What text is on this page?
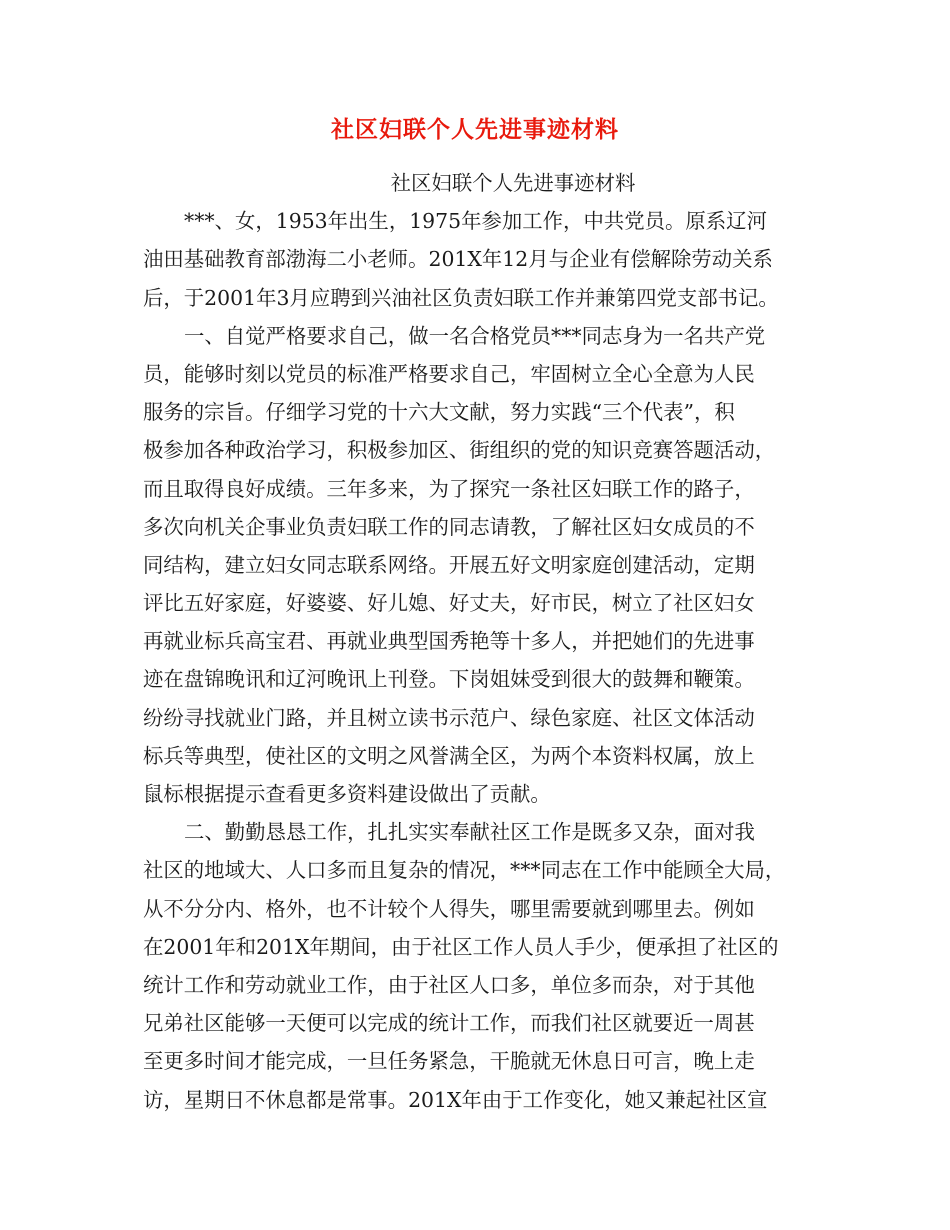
社区妇联个人先进事迹材料
社区妇联个人先进事迹材料
***、女，1953年出生，1975年参加工作，中共党员。原系辽河
油田基础教育部渤海二小老师。201X年12月与企业有偿解除劳动关系
后，于2001年3月应聘到兴油社区负责妇联工作并兼第四党支部书记。
一、自觉严格要求自己，做一名合格党员***同志身为一名共产党
员，能够时刻以党员的标准严格要求自己，牢固树立全心全意为人民
服务的宗旨。仔细学习党的十六大文献，努力实践“三个代表”，积
极参加各种政治学习，积极参加区、街组织的党的知识竞赛答题活动，
而且取得良好成绩。三年多来，为了探究一条社区妇联工作的路子，
多次向机关企事业负责妇联工作的同志请教，了解社区妇女成员的不
同结构，建立妇女同志联系网络。开展五好文明家庭创建活动，定期
评比五好家庭，好婆婆、好儿媳、好丈夫，好市民，树立了社区妇女
再就业标兵高宝君、再就业典型国秀艳等十多人，并把她们的先进事
迹在盘锦晚讯和辽河晚讯上刊登。下岗姐妹受到很大的鼓舞和鞭策。
纷纷寻找就业门路，并且树立读书示范户、绿色家庭、社区文体活动
标兵等典型，使社区的文明之风誉满全区，为两个本资料权属，放上
鼠标根据提示查看更多资料建设做出了贡献。
二、勤勤恳恳工作，扎扎实实奉献社区工作是既多又杂，面对我
社区的地域大、人口多而且复杂的情况，***同志在工作中能顾全大局，
从不分分内、格外，也不计较个人得失，哪里需要就到哪里去。例如
在2001年和201X年期间，由于社区工作人员人手少，便承担了社区的
统计工作和劳动就业工作，由于社区人口多，单位多而杂，对于其他
兄弟社区能够一天便可以完成的统计工作，而我们社区就要近一周甚
至更多时间才能完成，一旦任务紧急，干脆就无休息日可言，晚上走
访，星期日不休息都是常事。201X年由于工作变化，她又兼起社区宣
